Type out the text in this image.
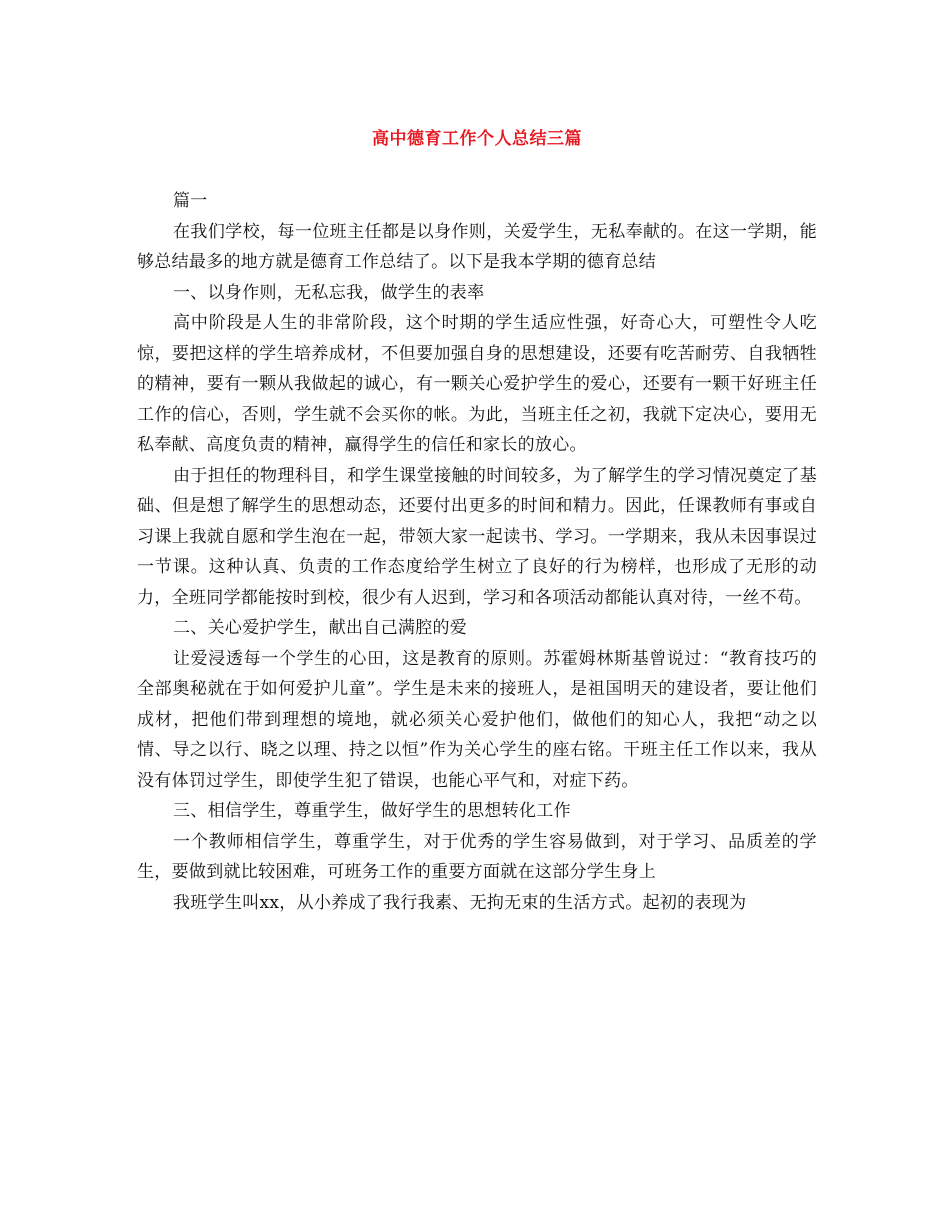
高中德育工作个人总结三篇

篇一

在我们学校，每一位班主任都是以身作则，关爱学生，无私奉献的。在这一学期，能够总结最多的地方就是德育工作总结了。以下是我本学期的德育总结

一、以身作则，无私忘我，做学生的表率

高中阶段是人生的非常阶段，这个时期的学生适应性强，好奇心大，可塑性令人吃惊，要把这样的学生培养成材，不但要加强自身的思想建设，还要有吃苦耐劳、自我牺牲的精神，要有一颗从我做起的诚心，有一颗关心爱护学生的爱心，还要有一颗干好班主任工作的信心，否则，学生就不会买你的帐。为此，当班主任之初，我就下定决心，要用无私奉献、高度负责的精神，赢得学生的信任和家长的放心。

由于担任的物理科目，和学生课堂接触的时间较多，为了解学生的学习情况奠定了基础、但是想了解学生的思想动态，还要付出更多的时间和精力。因此，任课教师有事或自习课上我就自愿和学生泡在一起，带领大家一起读书、学习。一学期来，我从未因事误过一节课。这种认真、负责的工作态度给学生树立了良好的行为榜样，也形成了无形的动力，全班同学都能按时到校，很少有人迟到，学习和各项活动都能认真对待，一丝不苟。

二、关心爱护学生，献出自己满腔的爱

让爱浸透每一个学生的心田，这是教育的原则。苏霍姆林斯基曾说过：“教育技巧的全部奥秘就在于如何爱护儿童”。学生是未来的接班人，是祖国明天的建设者，要让他们成材，把他们带到理想的境地，就必须关心爱护他们，做他们的知心人，我把“动之以情、导之以行、晓之以理、持之以恒”作为关心学生的座右铭。干班主任工作以来，我从没有体罚过学生，即使学生犯了错误，也能心平气和，对症下药。

三、相信学生，尊重学生，做好学生的思想转化工作

一个教师相信学生，尊重学生，对于优秀的学生容易做到，对于学习、品质差的学生，要做到就比较困难，可班务工作的重要方面就在这部分学生身上

我班学生叫xx，从小养成了我行我素、无拘无束的生活方式。起初的表现为
